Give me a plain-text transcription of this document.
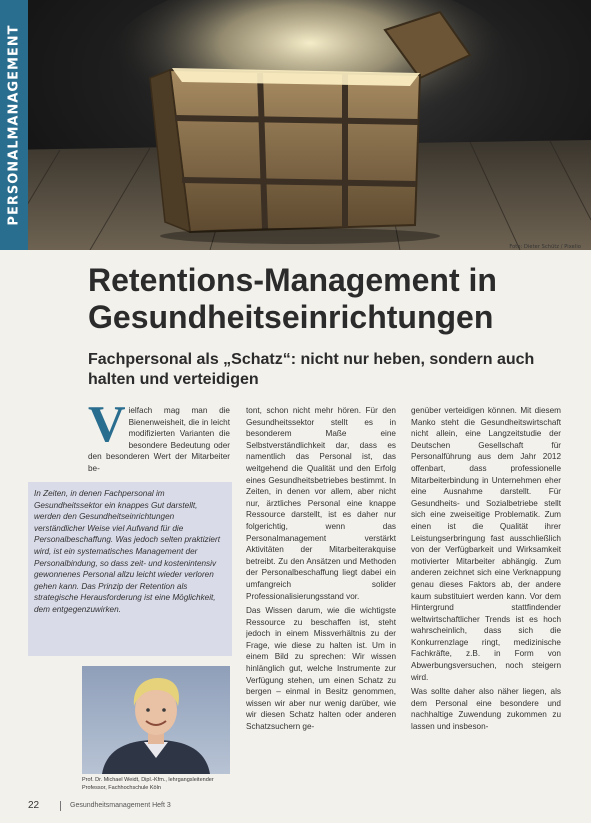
Foto: Dieter Schütz / Pixelio
PERSONALMANAGEMENT
Retentions-Management in Gesundheitseinrichtungen
Fachpersonal als „Schatz“: nicht nur heben, sondern auch halten und verteidigen
Vielfach mag man die Bienenweisheit, die in leicht modifizierten Varianten die besondere Bedeutung oder den besonderen Wert der Mitarbeiter be-
In Zeiten, in denen Fachpersonal im Gesundheitssektor ein knappes Gut darstellt, werden den Gesundheitseinrichtungen verständlicher Weise viel Aufwand für die Personalbeschaffung. Was jedoch selten praktiziert wird, ist ein systematisches Management der Personalbindung, so dass zeit- und kostenintensiv gewonnenes Personal allzu leicht wieder verloren gehen kann. Das Prinzip der Retention als strategische Herausforderung ist eine Möglichkeit, dem entgegenzuwirken.
Prof. Dr. Michael Weidt, Dipl.-Kfm., lehrgangsleitender Professor, Fachhochschule Köln

tont, schon nicht mehr hören. Für den Gesundheitssektor stellt es in besonderem Maße eine Selbstverständlichkeit dar, dass es namentlich das Personal ist, das weitgehend die Qualität und den Erfolg eines Gesundheitsbetriebes bestimmt. In Zeiten, in denen vor allem, aber nicht nur, ärztliches Personal eine knappe Ressource darstellt, ist es daher nur folgerichtig, wenn das Personalmanagement verstärkt Aktivitäten der Mitarbeiterakquise betreibt. Zu den Ansätzen und Methoden der Personalbeschaffung liegt dabei ein umfangreich solider Professionalisierungsstand vor.

Das Wissen darum, wie die wichtigste Ressource zu beschaffen ist, steht jedoch in einem Missverhältnis zu der Frage, wie diese zu halten ist. Um in einem Bild zu sprechen: Wir wissen hinlänglich gut, welche Instrumente zur Verfügung stehen, um einen Schatz zu bergen – einmal in Besitz genommen, wissen wir aber nur wenig darüber, wie wir diesen Schatz halten oder anderen Schatzsuchern ge-

genüber verteidigen können. Mit diesem Manko steht die Gesundheitswirtschaft nicht allein, eine Langzeitstudie der Deutschen Gesellschaft für Personalführung aus dem Jahr 2012 offenbart, dass professionelle Mitarbeiterbindung in Unternehmen eher eine Ausnahme darstellt. Für Gesundheits- und Sozialbetriebe stellt sich eine zweiseitige Problematik. Zum einen ist die Qualität ihrer Leistungserbringung fast ausschließlich von der Verfügbarkeit und Wirksamkeit motivierter Mitarbeiter abhängig. Zum anderen zeichnet sich eine Verknappung genau dieses Faktors ab, der andere kaum substituiert werden kann. Vor dem Hintergrund stattfindender weltwirtschaftlicher Trends ist es hoch wahrscheinlich, dass sich die Konkurrenzlage ringt, medizinische Fachkräfte, z.B. in Form von Abwerbungsversuchen, noch steigern wird.

Was sollte daher also näher liegen, als dem Personal eine besondere und nachhaltige Zuwendung zukommen zu lassen und insbeson-

22	Gesundheitsmanagement Heft 3
